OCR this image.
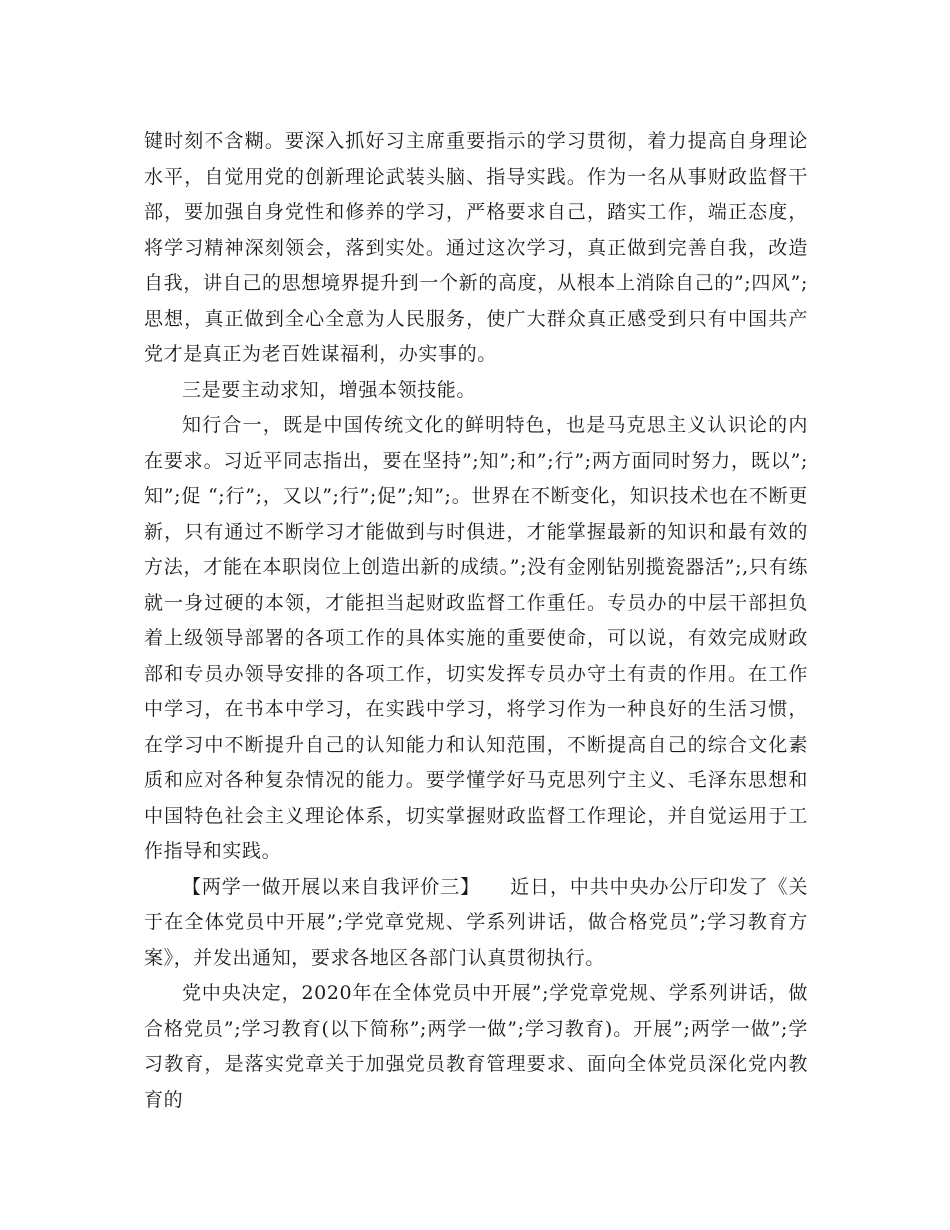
键时刻不含糊。要深入抓好习主席重要指示的学习贯彻，着力提高自身理论水平，自觉用党的创新理论武装头脑、指导实践。作为一名从事财政监督干部，要加强自身党性和修养的学习，严格要求自己，踏实工作，端正态度，将学习精神深刻领会，落到实处。通过这次学习，真正做到完善自我，改造自我，讲自己的思想境界提升到一个新的高度，从根本上消除自己的”;四风”;思想，真正做到全心全意为人民服务，使广大群众真正感受到只有中国共产党才是真正为老百姓谋福利，办实事的。

三是要主动求知，增强本领技能。

知行合一，既是中国传统文化的鲜明特色，也是马克思主义认识论的内在要求。习近平同志指出，要在坚持”;知”;和”;行”;两方面同时努力，既以”;知”;促 “;行”;，又以”;行”;促”;知”;。世界在不断变化，知识技术也在不断更新，只有通过不断学习才能做到与时俱进，才能掌握最新的知识和最有效的方法，才能在本职岗位上创造出新的成绩。”;没有金刚钻别揽瓷器活”;,只有练就一身过硬的本领，才能担当起财政监督工作重任。专员办的中层干部担负着上级领导部署的各项工作的具体实施的重要使命，可以说，有效完成财政部和专员办领导安排的各项工作，切实发挥专员办守土有责的作用。在工作中学习，在书本中学习，在实践中学习，将学习作为一种良好的生活习惯，在学习中不断提升自己的认知能力和认知范围，不断提高自己的综合文化素质和应对各种复杂情况的能力。要学懂学好马克思列宁主义、毛泽东思想和中国特色社会主义理论体系，切实掌握财政监督工作理论，并自觉运用于工作指导和实践。

【两学一做开展以来自我评价三】　　近日，中共中央办公厅印发了《关于在全体党员中开展”;学党章党规、学系列讲话，做合格党员”;学习教育方案》，并发出通知，要求各地区各部门认真贯彻执行。

党中央决定，2020年在全体党员中开展”;学党章党规、学系列讲话，做合格党员”;学习教育(以下简称”;两学一做”;学习教育)。开展”;两学一做”;学习教育，是落实党章关于加强党员教育管理要求、面向全体党员深化党内教育的
